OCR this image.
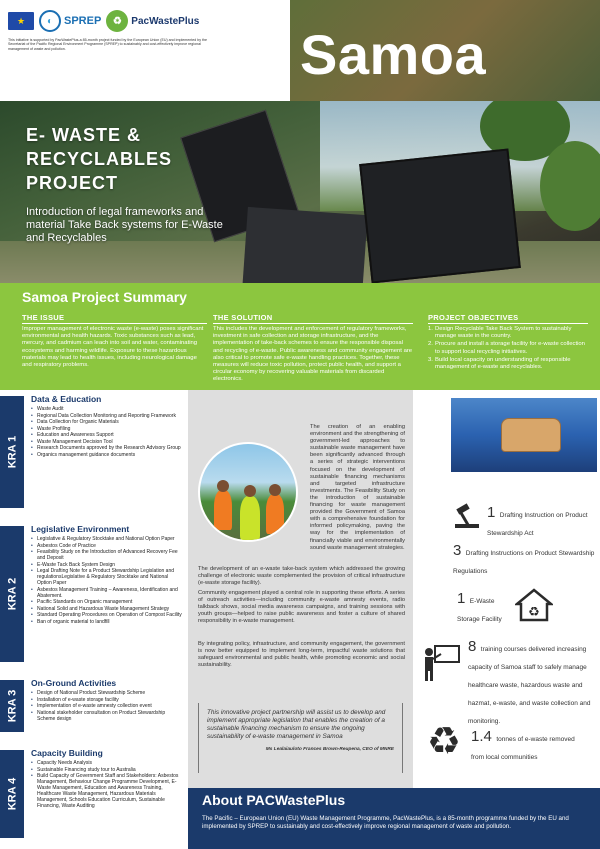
★	◐ SPREP	♻ PacWastePlus
This initiative is supported by PacWastePlus-a 85-month project funded by the European Union (EU) and implemented by the Secretariat of the Pacific Regional Environment Programme (SPREP) to sustainably and cost-effectively improve regional management of waste and pollution.
E- WASTE & RECYCLABLES PROJECT
Introduction of legal frameworks and material Take Back systems for E-Waste and Recyclables
Samoa
Samoa Project Summary
THE ISSUE
Improper management of electronic waste (e-waste) poses significant environmental and health hazards. Toxic substances such as lead, mercury, and cadmium can leach into soil and water, contaminating ecosystems and harming wildlife. Exposure to these hazardous materials may lead to health issues, including neurological damage and respiratory problems.
THE SOLUTION
This includes the development and enforcement of regulatory frameworks, investment in safe collection and storage infrastructure, and the implementation of take-back schemes to ensure the responsible disposal and recycling of e-waste. Public awareness and community engagement are also critical to promote safe e-waste handling practices. Together, these measures will reduce toxic pollution, protect public health, and support a circular economy by recovering valuable materials from discarded electronics.
PROJECT OBJECTIVES
1. Design Recyclable Take Back System to sustainably manage waste in the country.
2. Procure and install a storage facility for e-waste collection to support local recycling initiatives.
3. Build local capacity on understanding of responsible management of e-waste and recyclables.
KRA 1
Data & Education
• Waste Audit
• Regional Data Collection Monitoring and Reporting Framework
• Data Collection for Organic Materials
• Waste Profiling
• Education and Awareness Support
• Waste Management Decision Tool
• Research Documents approved by the Research Advisory Group
• Organics management guidance documents
KRA 2
Legislative Environment
• Legislative & Regulatory Stocktake and National Option Paper
• Asbestos Code of Practice
• Feasibility Study on the Introduction of Advanced Recovery Fee and Deposit
• E-Waste Tack Back System Design
• Legal Drafting Note for a Product Stewardship Legislation and regulationsLegislative & Regulatory Stocktake and National Option Paper
• Asbestos Management Training – Awareness, Identification and Abatement.
• Pacific Standards on Organic management
• National Solid and Hazardous Waste Management Strategy
• Standard Operating Procedures on Operation of Compost Facility
• Ban of organic material to landfill
KRA 3
On-Ground Activities
• Design of National Product Stewardship Scheme
• Installation of e-waste storage facility
• Implementation of e-waste amnesty collection event
• National stakeholder consultation on Product Stewardship Scheme design
KRA 4
Capacity Building
• Capacity Needs Analysis
• Sustainable Financing study tour to Australia
• Build Capacity of Government Staff and Stakeholders: Asbestos Management, Behaviour Change Programme Development, E-Waste Management, Education and Awareness Training, Healthcare Waste Management, Hazardous Materials Management, Schools Education Curriculum, Sustainable Financing, Waste Auditing
The creation of an enabling environment and the strengthening of government-led approaches to sustainable waste management have been significantly advanced through a series of strategic interventions focused on the development of sustainable financing mechanisms and targeted infrastructure investments. The Feasibility Study on the introduction of sustainable financing for waste management provided the Government of Samoa with a comprehensive foundation for informed policymaking, paving the way for the implementation of financially viable and environmentally sound waste management strategies.
The development of an e-waste take-back system which addressed the growing challenge of electronic waste complemented the provision of critical infrastructure (e-waste storage facility).
Community engagement played a central role in supporting these efforts. A series of outreach activities—including community e-waste amnesty events, radio talkback shows, social media awareness campaigns, and training sessions with youth groups—helped to raise public awareness and foster a culture of shared responsibility in e-waste management.
By integrating policy, infrastructure, and community engagement, the government is now better equipped to implement long-term, impactful waste solutions that safeguard environmental and public health, while promoting economic and social sustainability.
This innovative project partnership will assist us to develop and implement appropriate legislation that enables the creation of a sustainable financing mechanism to ensure the ongoing sustainability of e-waste management in Samoa
Ms Lealaiauloto Frances Brown-Reupena, CEO of MNRE
1 Drafting Instruction on Product Stewardship Act
3 Drafting Instructions on Product Stewardship Regulations
1 E-Waste Storage Facility	♻
8 training courses delivered increasing capacity of Samoa staff to safely manage healthcare waste, hazardous waste and hazmat, e-waste, and waste collection and monitoring.
♻ 1.4 tonnes of e-waste removed from local communities
About PACWastePlus
The Pacific – European Union (EU) Waste Management Programme, PacWastePlus, is a 85-month programme funded by the EU and implemented by SPREP to sustainably and cost-effectively improve regional management of waste and pollution.
